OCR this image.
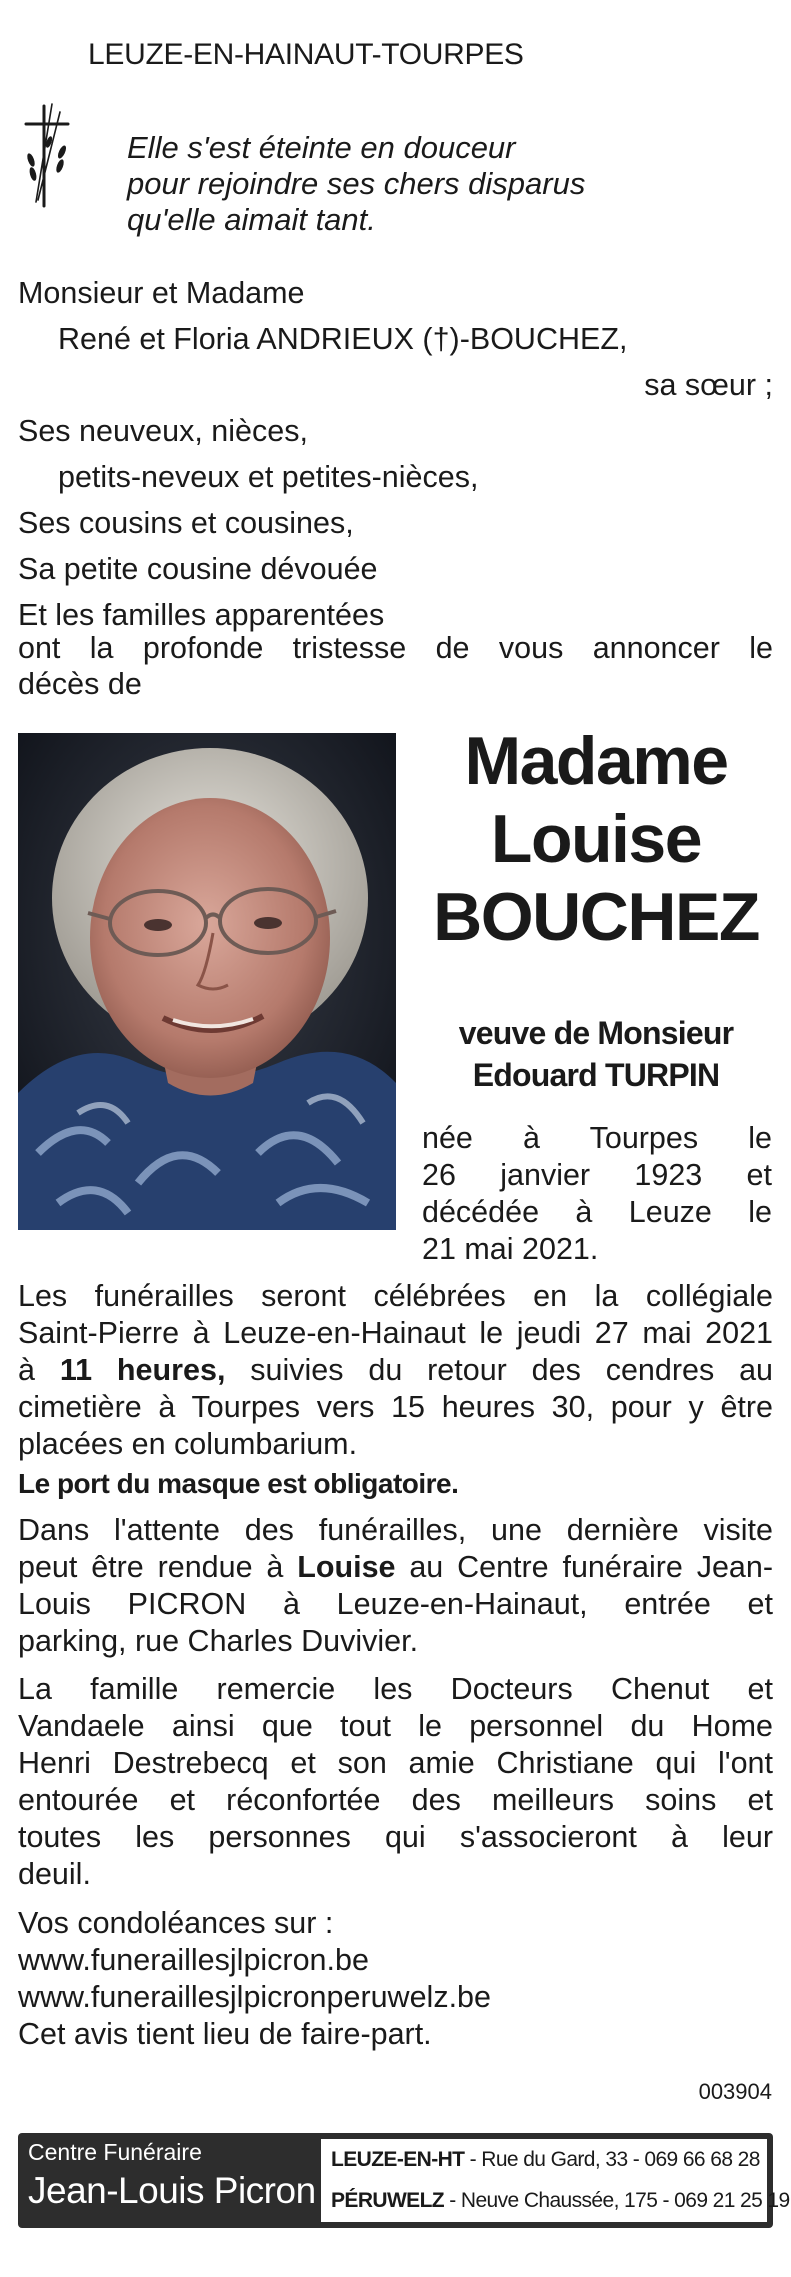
LEUZE-EN-HAINAUT-TOURPES
Elle s'est éteinte en douceur
pour rejoindre ses chers disparus
qu'elle aimait tant.
Monsieur et Madame
René et Floria ANDRIEUX (†)-BOUCHEZ,
sa sœur ;
Ses neuveux, nièces,
petits-neveux et petites-nièces,
Ses cousins et cousines,
Sa petite cousine dévouée
Et les familles apparentées
ont la profonde tristesse de vous annoncer le
décès de
Madame
Louise
BOUCHEZ
veuve de Monsieur
Edouard TURPIN
née à Tourpes le
26 janvier 1923 et
décédée à Leuze le
21 mai 2021.
Les funérailles seront célébrées en la collégiale
Saint-Pierre à Leuze-en-Hainaut le jeudi 27 mai 2021
à 11 heures, suivies du retour des cendres au
cimetière à Tourpes vers 15 heures 30, pour y être
placées en columbarium.
Le port du masque est obligatoire.
Dans l'attente des funérailles, une dernière visite
peut être rendue à Louise au Centre funéraire Jean-
Louis PICRON à Leuze-en-Hainaut, entrée et
parking, rue Charles Duvivier.
La famille remercie les Docteurs Chenut et
Vandaele ainsi que tout le personnel du Home
Henri Destrebecq et son amie Christiane qui l'ont
entourée et réconfortée des meilleurs soins et
toutes les personnes qui s'associeront à leur
deuil.
Vos condoléances sur :
www.funeraillesjlpicron.be
www.funeraillesjlpicronperuwelz.be
Cet avis tient lieu de faire-part.
003904
Centre Funéraire
Jean-Louis Picron
LEUZE-EN-HT - Rue du Gard, 33 - 069 66 68 28
PÉRUWELZ - Neuve Chaussée, 175 - 069 21 25 19
